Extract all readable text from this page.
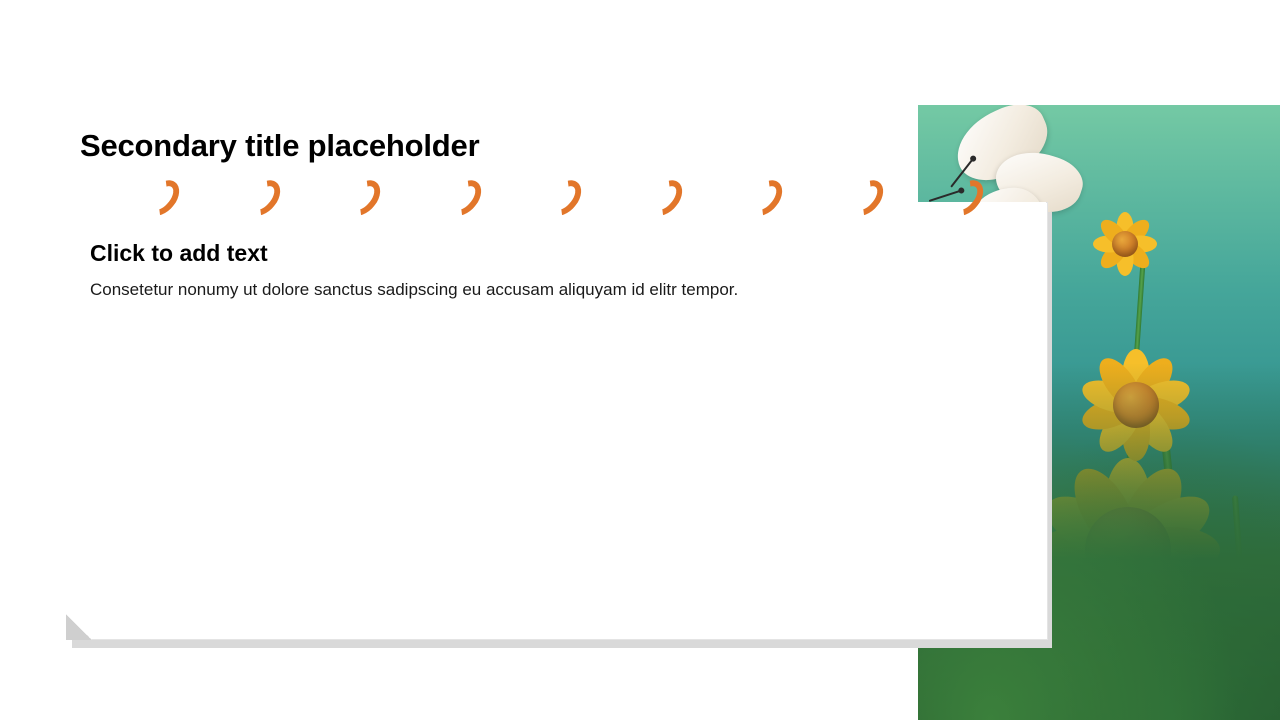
Secondary title placeholder
Click to add text

Consetetur nonumy ut dolore sanctus sadipscing eu accusam aliquyam id elitr tempor.
